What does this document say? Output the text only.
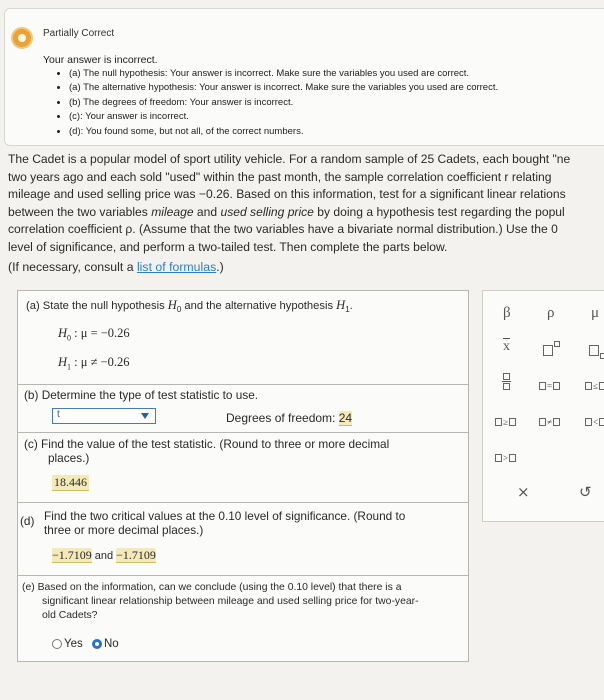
Partially Correct
Your answer is incorrect.
• (a) The null hypothesis: Your answer is incorrect. Make sure the variables you used are correct.
• (a) The alternative hypothesis: Your answer is incorrect. Make sure the variables you used are correct.
• (b) The degrees of freedom: Your answer is incorrect.
• (c): Your answer is incorrect.
• (d): You found some, but not all, of the correct numbers.

The Cadet is a popular model of sport utility vehicle. For a random sample of 25 Cadets, each bought "ne

two years ago and each sold "used" within the past month, the sample correlation coefficient r relating

mileage and used selling price was −0.26. Based on this information, test for a significant linear relations

between the two variables mileage and used selling price by doing a hypothesis test regarding the popul

correlation coefficient ρ. (Assume that the two variables have a bivariate normal distribution.) Use the 0

level of significance, and perform a two-tailed test. Then complete the parts below.

(If necessary, consult a list of formulas.)
(a) State the null hypothesis $H_0$ and the alternative hypothesis $H_1$.
$H_0$ : μ = −0.26
$H_1$ : μ ≠ −0.26
(b) Determine the type of test statistic to use.
t	Degrees of freedom: 24
(c) Find the value of the test statistic. (Round to three or more decimal
places.)
18.446
(d) Find the two critical values at the 0.10 level of significance. (Round to
three or more decimal places.)
−1.7109 and −1.7109
(e) Based on the information, can we conclude (using the 0.10 level) that there is a
significant linear relationship between mileage and used selling price for two-year-
old Cadets?
Yes No
β ρ μ
$\overline{x}$
=	≤
≥	≠	<
>
×	↺
